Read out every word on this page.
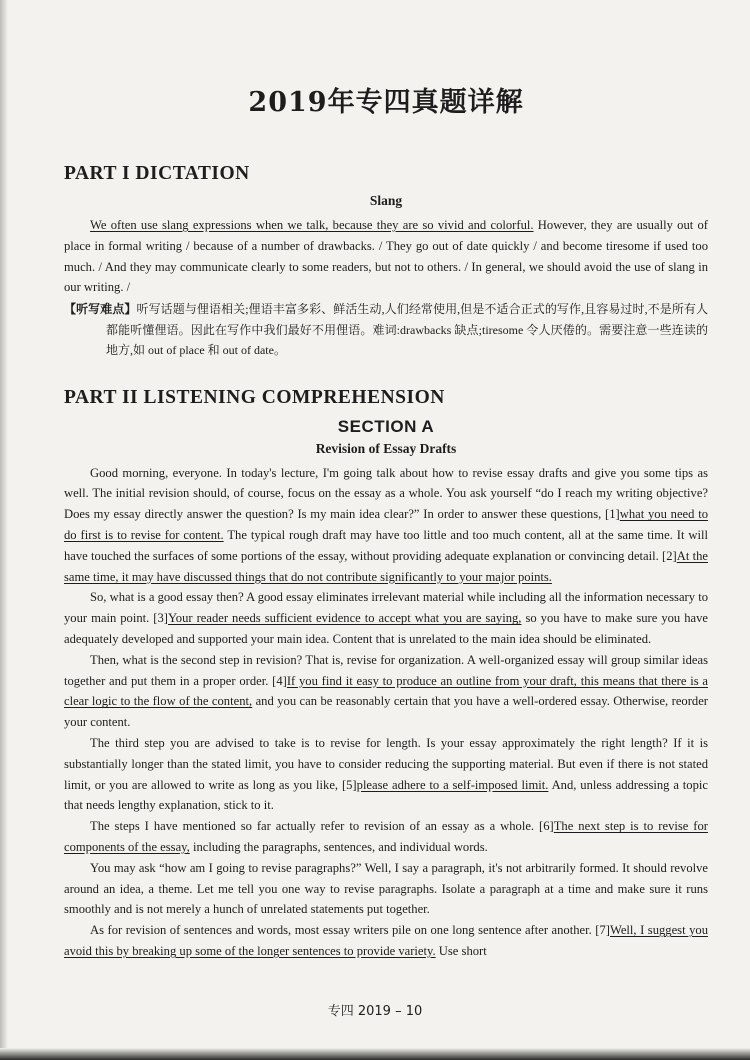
2019年专四真题详解
PART I DICTATION
Slang

We often use slang expressions when we talk, because they are so vivid and colorful. However, they are usually out of place in formal writing / because of a number of drawbacks. / They go out of date quickly / and become tiresome if used too much. / And they may communicate clearly to some readers, but not to others. / In general, we should avoid the use of slang in our writing. /

【听写难点】听写话题与俚语相关;俚语丰富多彩、鲜活生动,人们经常使用,但是不适合正式的写作,且容易过时,不是所有人都能听懂俚语。因此在写作中我们最好不用俚语。难词:drawbacks 缺点;tiresome 令人厌倦的。需要注意一些连读的地方,如 out of place 和 out of date。
PART II LISTENING COMPREHENSION
SECTION A
Revision of Essay Drafts

Good morning, everyone. In today's lecture, I'm going talk about how to revise essay drafts and give you some tips as well. The initial revision should, of course, focus on the essay as a whole. You ask yourself “do I reach my writing objective? Does my essay directly answer the question? Is my main idea clear?” In order to answer these questions, [1]what you need to do first is to revise for content. The typical rough draft may have too little and too much content, all at the same time. It will have touched the surfaces of some portions of the essay, without providing adequate explanation or convincing detail. [2]At the same time, it may have discussed things that do not contribute significantly to your major points.

So, what is a good essay then? A good essay eliminates irrelevant material while including all the information necessary to your main point. [3]Your reader needs sufficient evidence to accept what you are saying, so you have to make sure you have adequately developed and supported your main idea. Content that is unrelated to the main idea should be eliminated.

Then, what is the second step in revision? That is, revise for organization. A well-organized essay will group similar ideas together and put them in a proper order. [4]If you find it easy to produce an outline from your draft, this means that there is a clear logic to the flow of the content, and you can be reasonably certain that you have a well-ordered essay. Otherwise, reorder your content.

The third step you are advised to take is to revise for length. Is your essay approximately the right length? If it is substantially longer than the stated limit, you have to consider reducing the supporting material. But even if there is not stated limit, or you are allowed to write as long as you like, [5]please adhere to a self-imposed limit. And, unless addressing a topic that needs lengthy explanation, stick to it.

The steps I have mentioned so far actually refer to revision of an essay as a whole. [6]The next step is to revise for components of the essay, including the paragraphs, sentences, and individual words.

You may ask “how am I going to revise paragraphs?” Well, I say a paragraph, it's not arbitrarily formed. It should revolve around an idea, a theme. Let me tell you one way to revise paragraphs. Isolate a paragraph at a time and make sure it runs smoothly and is not merely a hunch of unrelated statements put together.

As for revision of sentences and words, most essay writers pile on one long sentence after another. [7]Well, I suggest you avoid this by breaking up some of the longer sentences to provide variety. Use short

专四 2019 – 10
